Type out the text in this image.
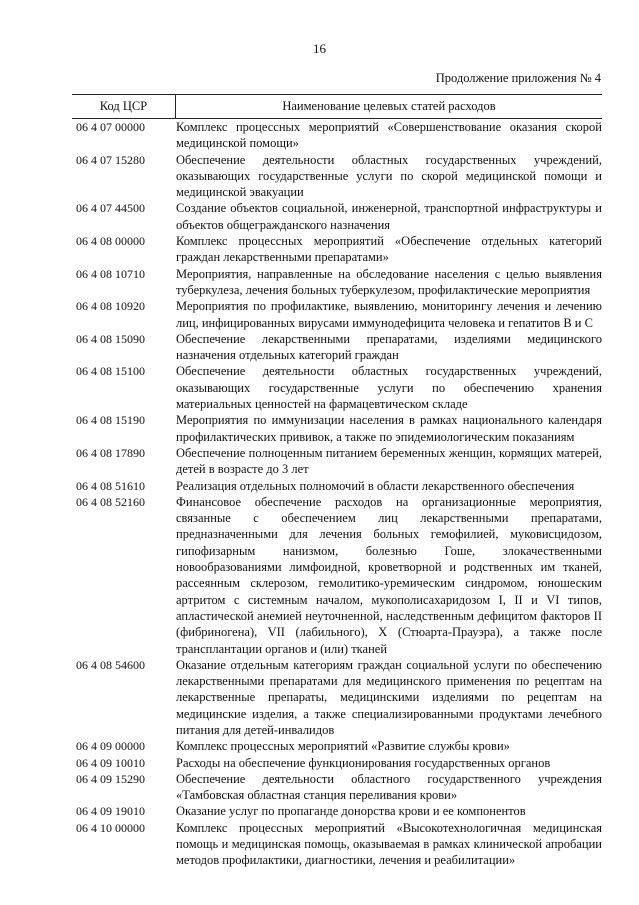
16
Продолжение приложения № 4
Код ЦСР	Наименование целевых статей расходов
06 4 07 00000	Комплекс процессных мероприятий «Совершенствование оказания скорой медицинской помощи»
06 4 07 15280	Обеспечение деятельности областных государственных учреждений, оказывающих государственные услуги по скорой медицинской помощи и медицинской эвакуации
06 4 07 44500	Создание объектов социальной, инженерной, транспортной инфраструктуры и объектов общегражданского назначения
06 4 08 00000	Комплекс процессных мероприятий «Обеспечение отдельных категорий граждан лекарственными препаратами»
06 4 08 10710	Мероприятия, направленные на обследование населения с целью выявления туберкулеза, лечения больных туберкулезом, профилактические мероприятия
06 4 08 10920	Мероприятия по профилактике, выявлению, мониторингу лечения и лечению лиц, инфицированных вирусами иммунодефицита человека и гепатитов B и C
06 4 08 15090	Обеспечение лекарственными препаратами, изделиями медицинского назначения отдельных категорий граждан
06 4 08 15100	Обеспечение деятельности областных государственных учреждений, оказывающих государственные услуги по обеспечению хранения материальных ценностей на фармацевтическом складе
06 4 08 15190	Мероприятия по иммунизации населения в рамках национального календаря профилактических прививок, а также по эпидемиологическим показаниям
06 4 08 17890	Обеспечение полноценным питанием беременных женщин, кормящих матерей, детей в возрасте до 3 лет
06 4 08 51610	Реализация отдельных полномочий в области лекарственного обеспечения
06 4 08 52160	Финансовое обеспечение расходов на организационные мероприятия, связанные с обеспечением лиц лекарственными препаратами, предназначенными для лечения больных гемофилией, муковисцидозом, гипофизарным нанизмом, болезнью Гоше, злокачественными новообразованиями лимфоидной, кроветворной и родственных им тканей, рассеянным склерозом, гемолитико-уремическим синдромом, юношеским артритом с системным началом, мукополисахаридозом I, II и VI типов, апластической анемией неуточненной, наследственным дефицитом факторов II (фибриногена), VII (лабильного), X (Стюарта-Прауэра), а также после трансплантации органов и (или) тканей
06 4 08 54600	Оказание отдельным категориям граждан социальной услуги по обеспечению лекарственными препаратами для медицинского применения по рецептам на лекарственные препараты, медицинскими изделиями по рецептам на медицинские изделия, а также специализированными продуктами лечебного питания для детей-инвалидов
06 4 09 00000	Комплекс процессных мероприятий «Развитие службы крови»
06 4 09 10010	Расходы на обеспечение функционирования государственных органов
06 4 09 15290	Обеспечение деятельности областного государственного учреждения «Тамбовская областная станция переливания крови»
06 4 09 19010	Оказание услуг по пропаганде донорства крови и ее компонентов
06 4 10 00000	Комплекс процессных мероприятий «Высокотехнологичная медицинская помощь и медицинская помощь, оказываемая в рамках клинической апробации методов профилактики, диагностики, лечения и реабилитации»
